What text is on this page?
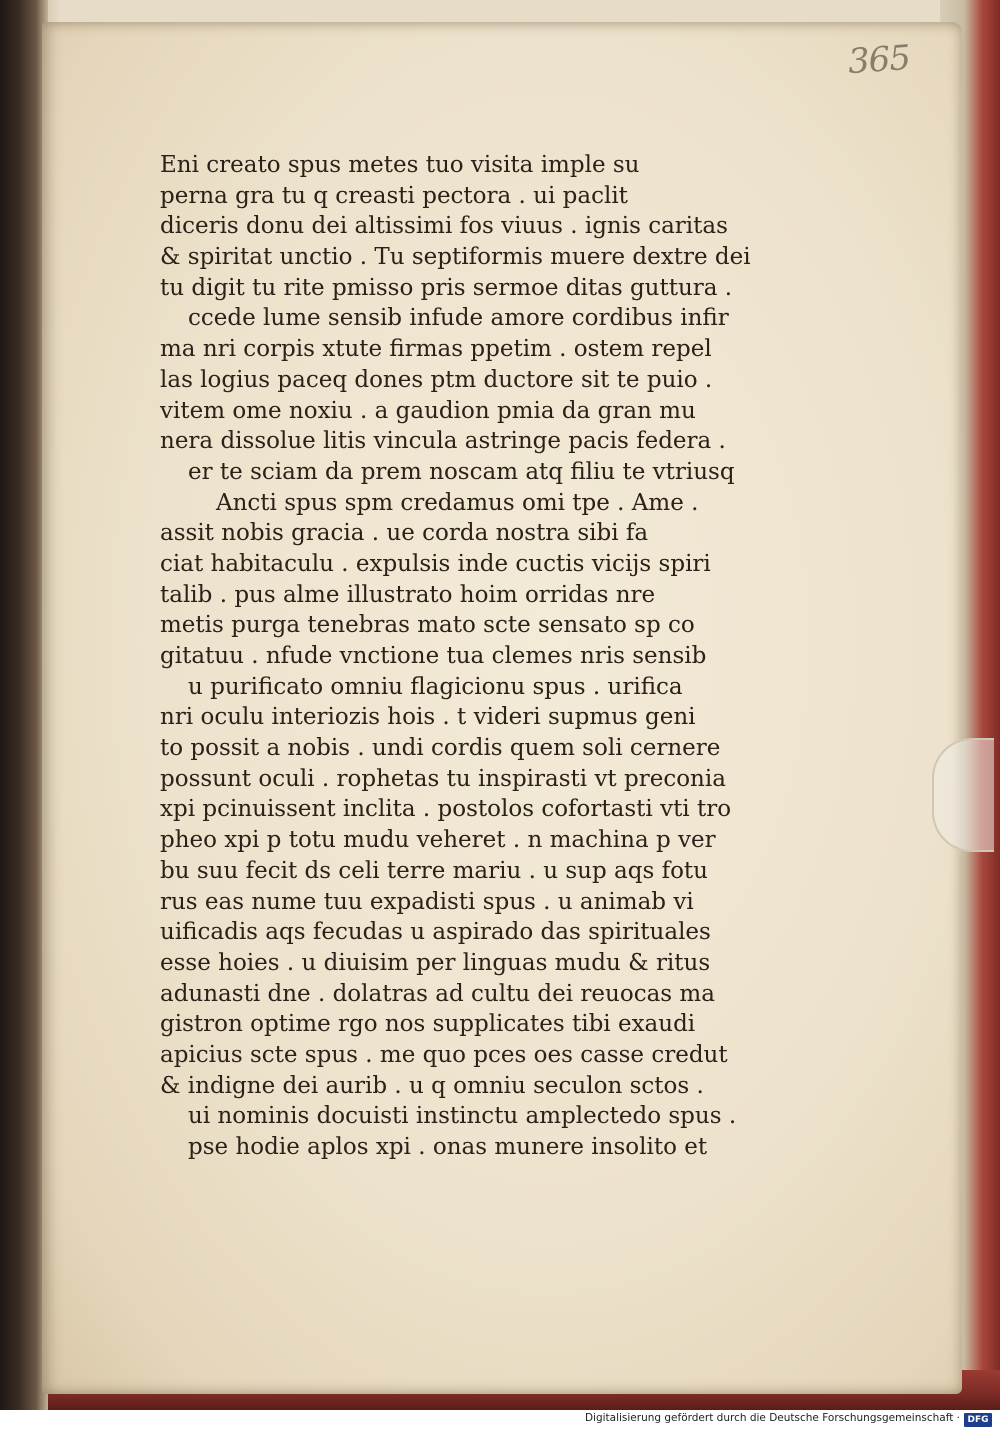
365
Eni creato spus metes tuo visita imple su
perna gra tu q creasti pectora . ui paclit
diceris donu dei altissimi fos viuus . ignis caritas
& spiritat unctio . Tu septiformis muere dextre dei
tu digit tu rite pmisso pris sermoe ditas guttura .
ccede lume sensib infude amore cordibus infir
ma nri corpis xtute firmas ppetim . ostem repel
las logius paceq dones ptm ductore sit te puio .
vitem ome noxiu . a gaudion pmia da gran mu
nera dissolue litis vincula astringe pacis federa .
er te sciam da prem noscam atq filiu te vtriusq
Ancti spus spm credamus omi tpe . Ame .
assit nobis gracia . ue corda nostra sibi fa
ciat habitaculu . expulsis inde cuctis vicijs spiri
talib . pus alme illustrato hoim orridas nre
metis purga tenebras mato scte sensato sp co
gitatuu . nfude vnctione tua clemes nris sensib
u purificato omniu flagicionu spus . urifica
nri oculu interiozis hois . t videri supmus geni
to possit a nobis . undi cordis quem soli cernere
possunt oculi . rophetas tu inspirasti vt preconia
xpi pcinuissent inclita . postolos cofortasti vti tro
pheo xpi p totu mudu veheret . n machina p ver
bu suu fecit ds celi terre mariu . u sup aqs fotu
rus eas nume tuu expadisti spus . u animab vi
uificadis aqs fecudas u aspirado das spirituales
esse hoies . u diuisim per linguas mudu & ritus
adunasti dne . dolatras ad cultu dei reuocas ma
gistron optime rgo nos supplicates tibi exaudi
apicius scte spus . me quo pces oes casse credut
& indigne dei aurib . u q omniu seculon sctos .
ui nominis docuisti instinctu amplectedo spus .
pse hodie aplos xpi . onas munere insolito et
Digitalisierung gefördert durch die Deutsche Forschungsgemeinschaft · DFG
